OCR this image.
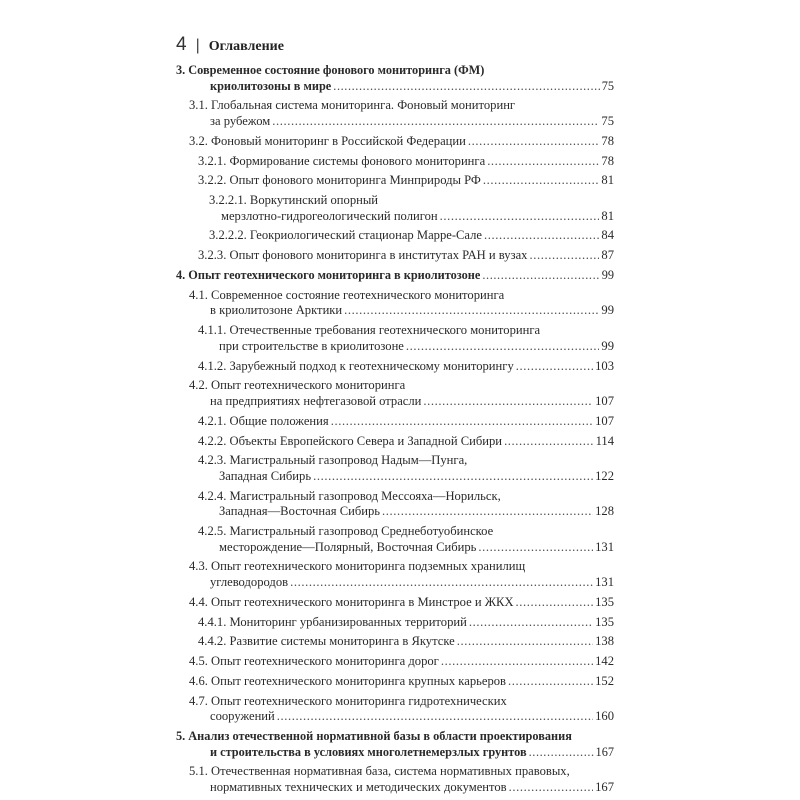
4 | Оглавление
3. Современное состояние фонового мониторинга (ФМ)
криолитозоны в мире .....	75
3.1. Глобальная система мониторинга. Фоновый мониторинг
за рубежом .....	75
3.2. Фоновый мониторинг в Российской Федерации .....	78
3.2.1. Формирование системы фонового мониторинга .....	78
3.2.2. Опыт фонового мониторинга Минприроды РФ .....	81
3.2.2.1. Воркутинский опорный
мерзлотно-гидрогеологический полигон .....	81
3.2.2.2. Геокриологический стационар Марре-Сале .....	84
3.2.3. Опыт фонового мониторинга в институтах РАН и вузах .....	87
4. Опыт геотехнического мониторинга в криолитозоне .....	99
4.1. Современное состояние геотехнического мониторинга
в криолитозоне Арктики .....	99
4.1.1. Отечественные требования геотехнического мониторинга
при строительстве в криолитозоне .....	99
4.1.2. Зарубежный подход к геотехническому мониторингу .....	103
4.2. Опыт геотехнического мониторинга
на предприятиях нефтегазовой отрасли .....	107
4.2.1. Общие положения .....	107
4.2.2. Объекты Европейского Севера и Западной Сибири .....	114
4.2.3. Магистральный газопровод Надым—Пунга,
Западная Сибирь .....	122
4.2.4. Магистральный газопровод Мессояха—Норильск,
Западная—Восточная Сибирь .....	128
4.2.5. Магистральный газопровод Среднеботуобинское
месторождение—Полярный, Восточная Сибирь .....	131
4.3. Опыт геотехнического мониторинга подземных хранилищ
углеводородов .....	131
4.4. Опыт геотехнического мониторинга в Минстрое и ЖКХ .....	135
4.4.1. Мониторинг урбанизированных территорий .....	135
4.4.2. Развитие системы мониторинга в Якутске .....	138
4.5. Опыт геотехнического мониторинга дорог .....	142
4.6. Опыт геотехнического мониторинга крупных карьеров .....	152
4.7. Опыт геотехнического мониторинга гидротехнических
сооружений .....	160
5. Анализ отечественной нормативной базы в области проектирования
и строительства в условиях многолетнемерзлых грунтов .....	167
5.1. Отечественная нормативная база, система нормативных правовых,
нормативных технических и методических документов .....	167
